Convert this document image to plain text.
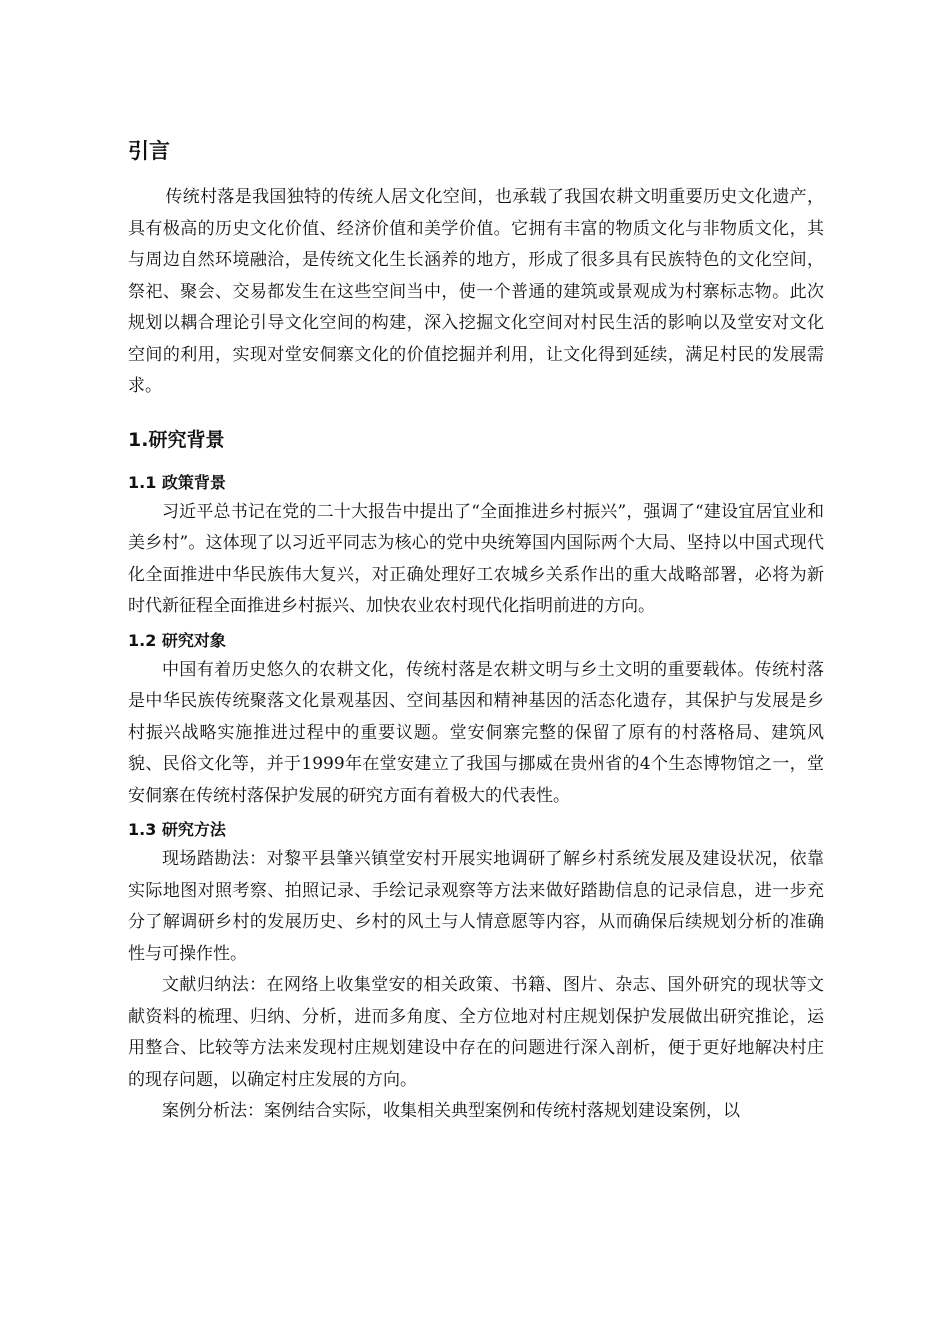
引言

传统村落是我国独特的传统人居文化空间，也承载了我国农耕文明重要历史文化遗产，具有极高的历史文化价值、经济价值和美学价值。它拥有丰富的物质文化与非物质文化，其与周边自然环境融洽，是传统文化生长涵养的地方，形成了很多具有民族特色的文化空间，祭祀、聚会、交易都发生在这些空间当中，使一个普通的建筑或景观成为村寨标志物。此次规划以耦合理论引导文化空间的构建，深入挖掘文化空间对村民生活的影响以及堂安对文化空间的利用，实现对堂安侗寨文化的价值挖掘并利用，让文化得到延续，满足村民的发展需求。

1.研究背景
1.1 政策背景

习近平总书记在党的二十大报告中提出了“全面推进乡村振兴”，强调了“建设宜居宜业和美乡村”。这体现了以习近平同志为核心的党中央统筹国内国际两个大局、坚持以中国式现代化全面推进中华民族伟大复兴，对正确处理好工农城乡关系作出的重大战略部署，必将为新时代新征程全面推进乡村振兴、加快农业农村现代化指明前进的方向。

1.2 研究对象

中国有着历史悠久的农耕文化，传统村落是农耕文明与乡土文明的重要载体。传统村落是中华民族传统聚落文化景观基因、空间基因和精神基因的活态化遗存，其保护与发展是乡村振兴战略实施推进过程中的重要议题。堂安侗寨完整的保留了原有的村落格局、建筑风貌、民俗文化等，并于1999年在堂安建立了我国与挪威在贵州省的4个生态博物馆之一，堂安侗寨在传统村落保护发展的研究方面有着极大的代表性。

1.3 研究方法

现场踏勘法：对黎平县肇兴镇堂安村开展实地调研了解乡村系统发展及建设状况，依靠实际地图对照考察、拍照记录、手绘记录观察等方法来做好踏勘信息的记录信息，进一步充分了解调研乡村的发展历史、乡村的风土与人情意愿等内容，从而确保后续规划分析的准确性与可操作性。

文献归纳法：在网络上收集堂安的相关政策、书籍、图片、杂志、国外研究的现状等文献资料的梳理、归纳、分析，进而多角度、全方位地对村庄规划保护发展做出研究推论，运用整合、比较等方法来发现村庄规划建设中存在的问题进行深入剖析，便于更好地解决村庄的现存问题，以确定村庄发展的方向。

案例分析法：案例结合实际，收集相关典型案例和传统村落规划建设案例，以
